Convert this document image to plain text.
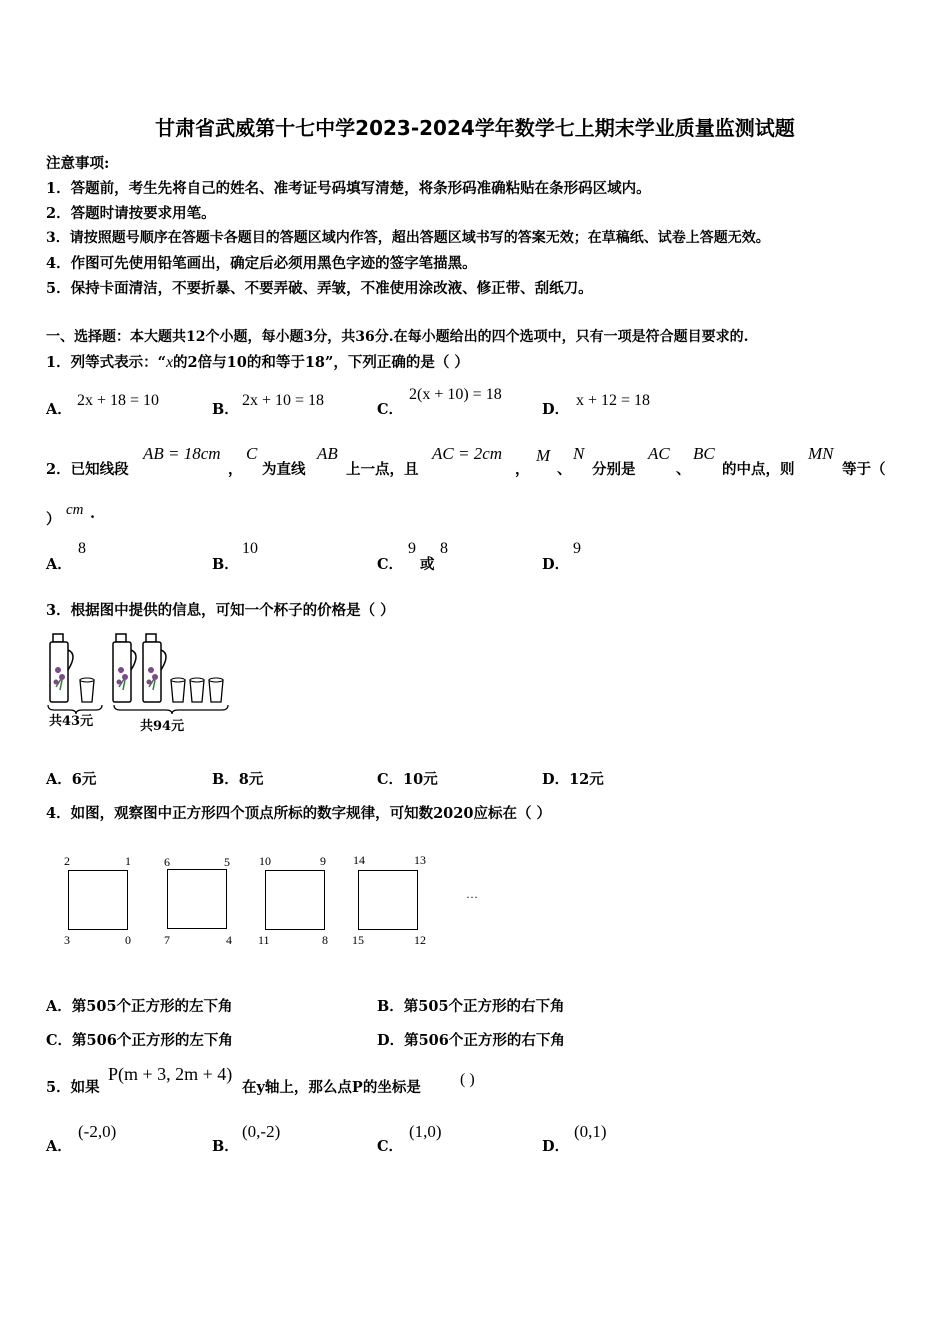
甘肃省武威第十七中学2023-2024学年数学七上期末学业质量监测试题
注意事项:
1．答题前，考生先将自己的姓名、准考证号码填写清楚，将条形码准确粘贴在条形码区域内。
2．答题时请按要求用笔。
3．请按照题号顺序在答题卡各题目的答题区域内作答，超出答题区域书写的答案无效；在草稿纸、试卷上答题无效。
4．作图可先使用铅笔画出，确定后必须用黑色字迹的签字笔描黑。
5．保持卡面清洁，不要折暴、不要弄破、弄皱，不准使用涂改液、修正带、刮纸刀。
一、选择题：本大题共12个小题，每小题3分，共36分.在每小题给出的四个选项中，只有一项是符合题目要求的.
1．列等式表示：“x的2倍与10的和等于18”，下列正确的是（ ）
A．
2x + 18 = 10
B．
2x + 10 = 18
C．
2(x + 10) = 18
D．
x + 12 = 18
2．已知线段
AB = 18cm
，
C
为直线
AB
上一点，且
AC = 2cm
，
M
、
N
分别是
AC
、
BC
的中点，则
MN
等于（
）
cm .
A．
8
B．
10
C．
9
或
8
D．
9
3．根据图中提供的信息，可知一个杯子的价格是（ ）
共43元	共94元
A．6元	B．8元	C．10元	D．12元
4．如图，观察图中正方形四个顶点所标的数字规律，可知数2020应标在（ ）
2	1
3	0
6	5
7	4
10	9
11	8
14	13
15	12
…
A．第505个正方形的左下角	B．第505个正方形的右下角
C．第506个正方形的左下角	D．第506个正方形的右下角
5．如果
P(m + 3, 2m + 4)
在y轴上，那么点P的坐标是 ( )
A．
(-2,0)
B．
(0,-2)
C．
(1,0)
D．
(0,1)
